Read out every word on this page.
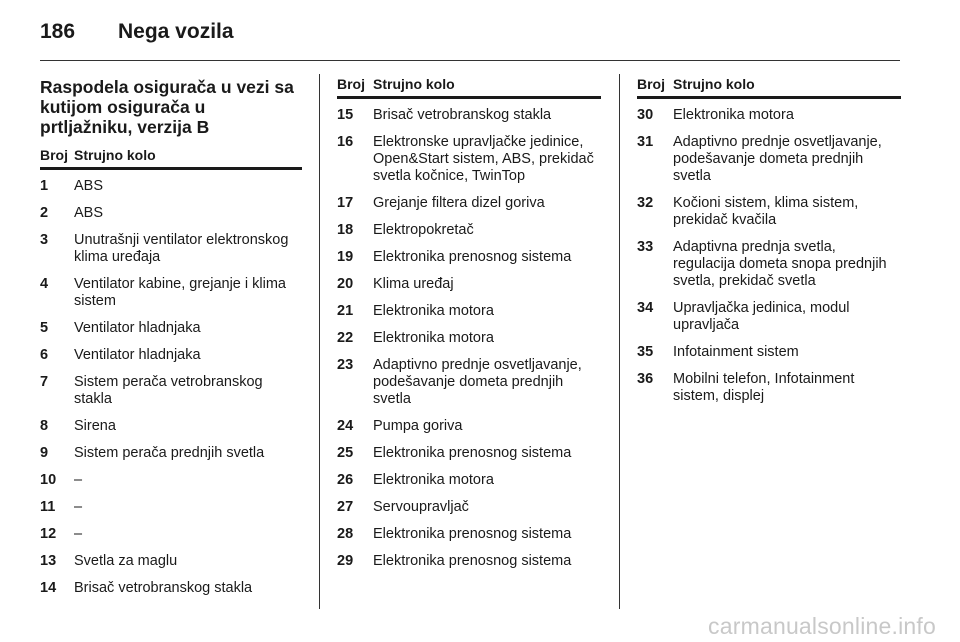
186 Nega vozila
Raspodela osigurača u vezi sa kutijom osigurača u prtljažniku, verzija B
Broj	Strujno kolo
1	ABS
2	ABS
3	Unutrašnji ventilator elektronskog klima uređaja
4	Ventilator kabine, grejanje i klima sistem
5	Ventilator hladnjaka
6	Ventilator hladnjaka
7	Sistem perača vetrobranskog stakla
8	Sirena
9	Sistem perača prednjih svetla
10	–
11	–
12	–
13	Svetla za maglu
14	Brisač vetrobranskog stakla
Broj	Strujno kolo
15	Brisač vetrobranskog stakla
16	Elektronske upravljačke jedinice, Open&Start sistem, ABS, prekidač svetla kočnice, TwinTop
17	Grejanje filtera dizel goriva
18	Elektropokretač
19	Elektronika prenosnog sistema
20	Klima uređaj
21	Elektronika motora
22	Elektronika motora
23	Adaptivno prednje osvetljavanje, podešavanje dometa prednjih svetla
24	Pumpa goriva
25	Elektronika prenosnog sistema
26	Elektronika motora
27	Servoupravljač
28	Elektronika prenosnog sistema
29	Elektronika prenosnog sistema
Broj	Strujno kolo
30	Elektronika motora
31	Adaptivno prednje osvetljavanje, podešavanje dometa prednjih svetla
32	Kočioni sistem, klima sistem, prekidač kvačila
33	Adaptivna prednja svetla, regulacija dometa snopa prednjih svetla, prekidač svetla
34	Upravljačka jedinica, modul upravljača
35	Infotainment sistem
36	Mobilni telefon, Infotainment sistem, displej
carmanualsonline.info
